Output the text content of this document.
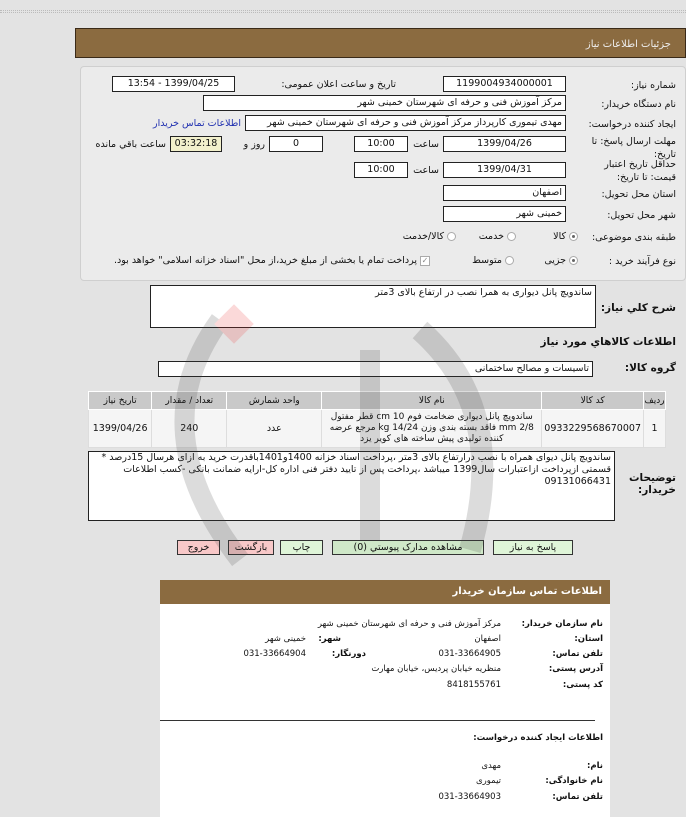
جزئیات اطلاعات نیاز
شماره نیاز:
1199004934000001
تاریخ و ساعت اعلان عمومی:
1399/04/25 - 13:54
نام دستگاه خریدار:
مرکز آموزش فنی و حرفه ای شهرستان خمینی شهر
ایجاد کننده درخواست:
مهدی تیموری کارپرداز مرکز آموزش فنی و حرفه ای شهرستان خمینی شهر
اطلاعات تماس خریدار
مهلت ارسال پاسخ: تا تاریخ:
1399/04/26
ساعت
10:00
0
روز و
03:32:18
ساعت باقي مانده
حداقل تاریخ اعتبار قیمت: تا تاریخ:
1399/04/31
ساعت
10:00
استان محل تحویل:
اصفهان
شهر محل تحویل:
خمینی شهر
طبقه بندی موضوعی:
کالا
خدمت
کالا/خدمت
نوع فرآیند خرید :
جزیی
متوسط
✓ پرداخت تمام یا بخشی از مبلغ خرید،از محل "اسناد خزانه اسلامی" خواهد بود.
شرح کلي نياز:
ساندویچ پانل دیواری به همرا نصب در ارتفاع بالای 3متر
اطلاعات کالاهاي مورد نياز
گروه کالا:
تاسیسات و مصالح ساختمانی
رديف	کد کالا	نام کالا	واحد شمارش	تعداد / مقدار	تاریخ نیاز
1	0933229568670007	ساندویچ پانل دیواری ضخامت فوم cm 10 قطر مفتول 2/8 mm فاقد بسته بندی وزن kg 14/24 مرجع عرضه کننده تولیدی پیش ساخته های کویر یزد	عدد	240	1399/04/26
توضیحات خریدار:
ساندویچ پانل دیوای همراه با نصب درارتفاع بالای 3متر ،پرداخت اسناد خزانه 1400و1401باقدرت خرید به ازای هرسال 15درصد * قسمتی ازپرداخت ازاعتبارات سال1399 میباشد ،پرداخت پس از تایید دفتر فنی اداره کل-ارایه ضمانت بانکی -کسب اطلاعات 09131066431
پاسخ به نياز
مشاهده مدارک پيوستي (0)
چاپ
بازگشت
خروج
اطلاعات تماس سازمان خریدار
نام سازمان خریدار:
مرکز آموزش فنی و حرفه ای شهرستان خمینی شهر
استان:
اصفهان
شهر:
خمینی شهر
تلفن تماس:
031-33664905
دورنگار:
031-33664904
آدرس پستی:
منظریه خیابان پردیس، خیابان مهارت
کد پستی:
8418155761
اطلاعات ایجاد کننده درخواست:
نام:
مهدی
نام خانوادگی:
تیموری
تلفن تماس:
031-33664903
